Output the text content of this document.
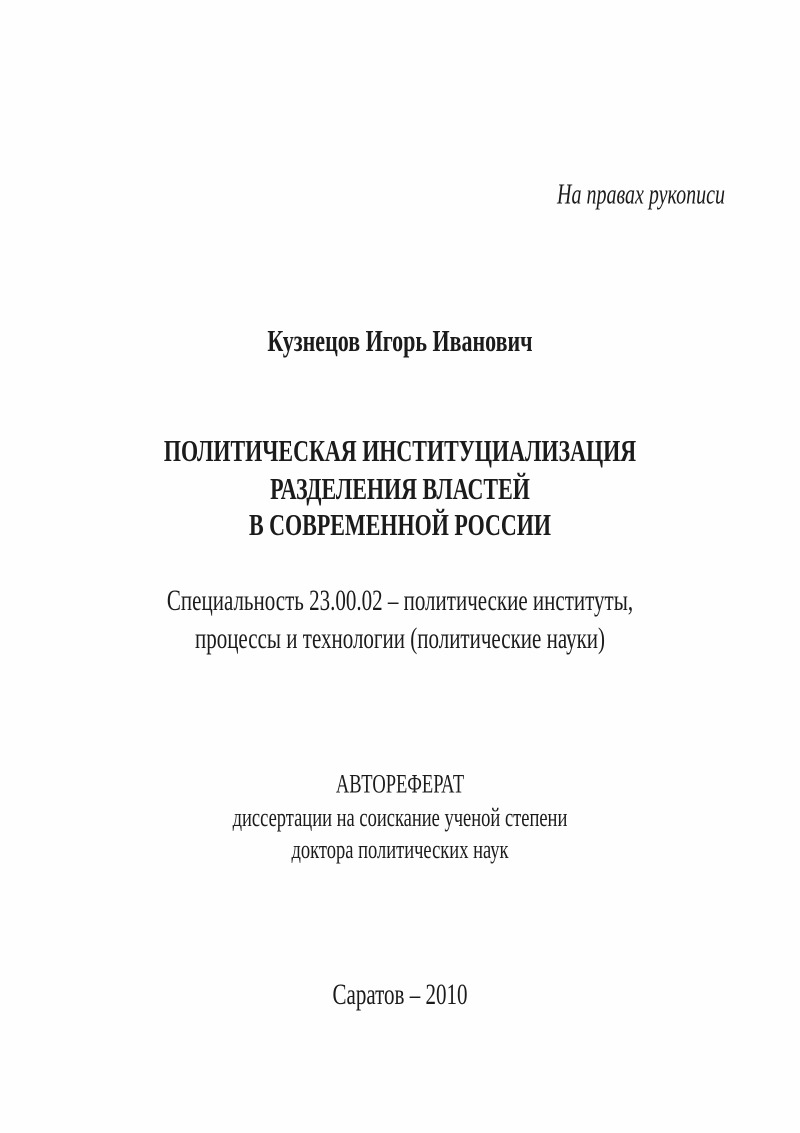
На правах рукописи
Кузнецов Игорь Иванович
ПОЛИТИЧЕСКАЯ ИНСТИТУЦИАЛИЗАЦИЯ
РАЗДЕЛЕНИЯ ВЛАСТЕЙ
В СОВРЕМЕННОЙ РОССИИ
Специальность 23.00.02 – политические институты,
процессы и технологии (политические науки)
АВТОРЕФЕРАТ
диссертации на соискание ученой степени
доктора политических наук
Саратов – 2010
